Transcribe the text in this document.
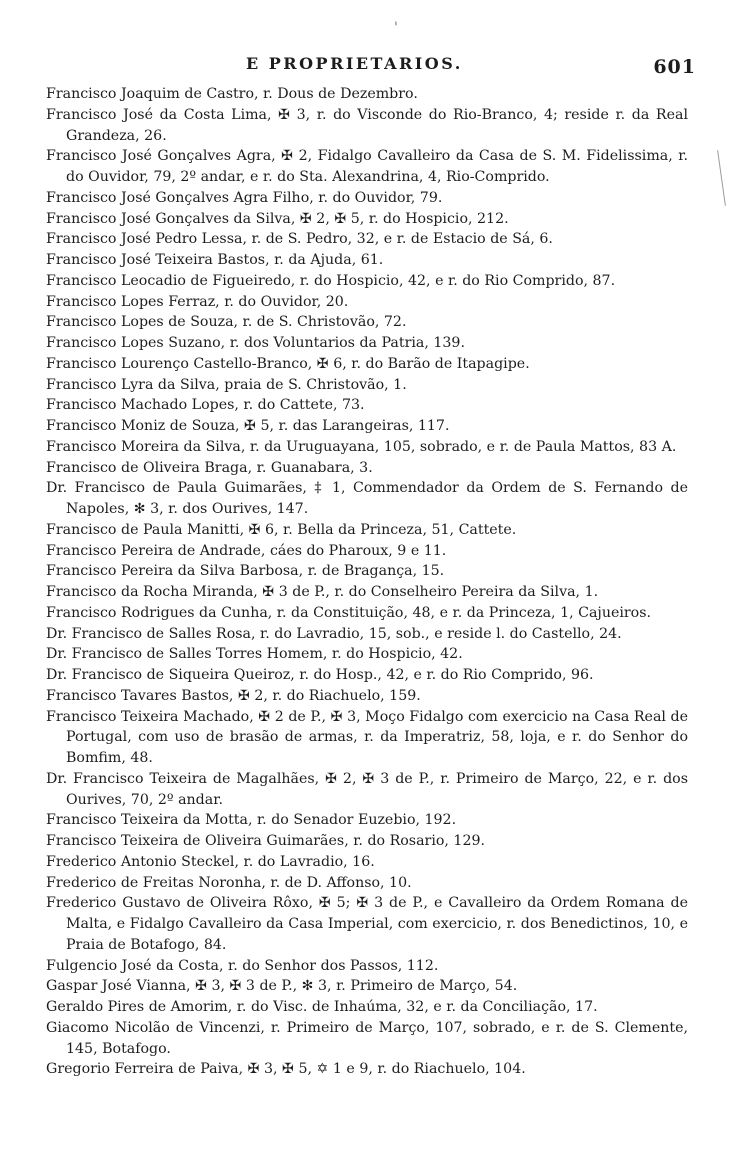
'
E PROPRIETARIOS.	601
Francisco Joaquim de Castro, r. Dous de Dezembro.
Francisco José da Costa Lima, ✠ 3, r. do Visconde do Rio-Branco, 4; reside r. da Real Grandeza, 26.
Francisco José Gonçalves Agra, ✠ 2, Fidalgo Cavalleiro da Casa de S. M. Fidelissima, r. do Ouvidor, 79, 2º andar, e r. do Sta. Alexandrina, 4, Rio-Comprido.
Francisco José Gonçalves Agra Filho, r. do Ouvidor, 79.
Francisco José Gonçalves da Silva, ✠ 2, ✠ 5, r. do Hospicio, 212.
Francisco José Pedro Lessa, r. de S. Pedro, 32, e r. de Estacio de Sá, 6.
Francisco José Teixeira Bastos, r. da Ajuda, 61.
Francisco Leocadio de Figueiredo, r. do Hospicio, 42, e r. do Rio Comprido, 87.
Francisco Lopes Ferraz, r. do Ouvidor, 20.
Francisco Lopes de Souza, r. de S. Christovão, 72.
Francisco Lopes Suzano, r. dos Voluntarios da Patria, 139.
Francisco Lourenço Castello-Branco, ✠ 6, r. do Barão de Itapagipe.
Francisco Lyra da Silva, praia de S. Christovão, 1.
Francisco Machado Lopes, r. do Cattete, 73.
Francisco Moniz de Souza, ✠ 5, r. das Larangeiras, 117.
Francisco Moreira da Silva, r. da Uruguayana, 105, sobrado, e r. de Paula Mattos, 83 A.
Francisco de Oliveira Braga, r. Guanabara, 3.
Dr. Francisco de Paula Guimarães, ‡ 1, Commendador da Ordem de S. Fernando de Napoles, ✻ 3, r. dos Ourives, 147.
Francisco de Paula Manitti, ✠ 6, r. Bella da Princeza, 51, Cattete.
Francisco Pereira de Andrade, cáes do Pharoux, 9 e 11.
Francisco Pereira da Silva Barbosa, r. de Bragança, 15.
Francisco da Rocha Miranda, ✠ 3 de P., r. do Conselheiro Pereira da Silva, 1.
Francisco Rodrigues da Cunha, r. da Constituição, 48, e r. da Princeza, 1, Cajueiros.
Dr. Francisco de Salles Rosa, r. do Lavradio, 15, sob., e reside l. do Castello, 24.
Dr. Francisco de Salles Torres Homem, r. do Hospicio, 42.
Dr. Francisco de Siqueira Queiroz, r. do Hosp., 42, e r. do Rio Comprido, 96.
Francisco Tavares Bastos, ✠ 2, r. do Riachuelo, 159.
Francisco Teixeira Machado, ✠ 2 de P., ✠ 3, Moço Fidalgo com exercicio na Casa Real de Portugal, com uso de brasão de armas, r. da Imperatriz, 58, loja, e r. do Senhor do Bomfim, 48.
Dr. Francisco Teixeira de Magalhães, ✠ 2, ✠ 3 de P., r. Primeiro de Março, 22, e r. dos Ourives, 70, 2º andar.
Francisco Teixeira da Motta, r. do Senador Euzebio, 192.
Francisco Teixeira de Oliveira Guimarães, r. do Rosario, 129.
Frederico Antonio Steckel, r. do Lavradio, 16.
Frederico de Freitas Noronha, r. de D. Affonso, 10.
Frederico Gustavo de Oliveira Rôxo, ✠ 5; ✠ 3 de P., e Cavalleiro da Ordem Romana de Malta, e Fidalgo Cavalleiro da Casa Imperial, com exercicio, r. dos Benedictinos, 10, e Praia de Botafogo, 84.
Fulgencio José da Costa, r. do Senhor dos Passos, 112.
Gaspar José Vianna, ✠ 3, ✠ 3 de P., ✻ 3, r. Primeiro de Março, 54.
Geraldo Pires de Amorim, r. do Visc. de Inhaúma, 32, e r. da Conciliação, 17.
Giacomo Nicolão de Vincenzi, r. Primeiro de Março, 107, sobrado, e r. de S. Clemente, 145, Botafogo.
Gregorio Ferreira de Paiva, ✠ 3, ✠ 5, ✡ 1 e 9, r. do Riachuelo, 104.
